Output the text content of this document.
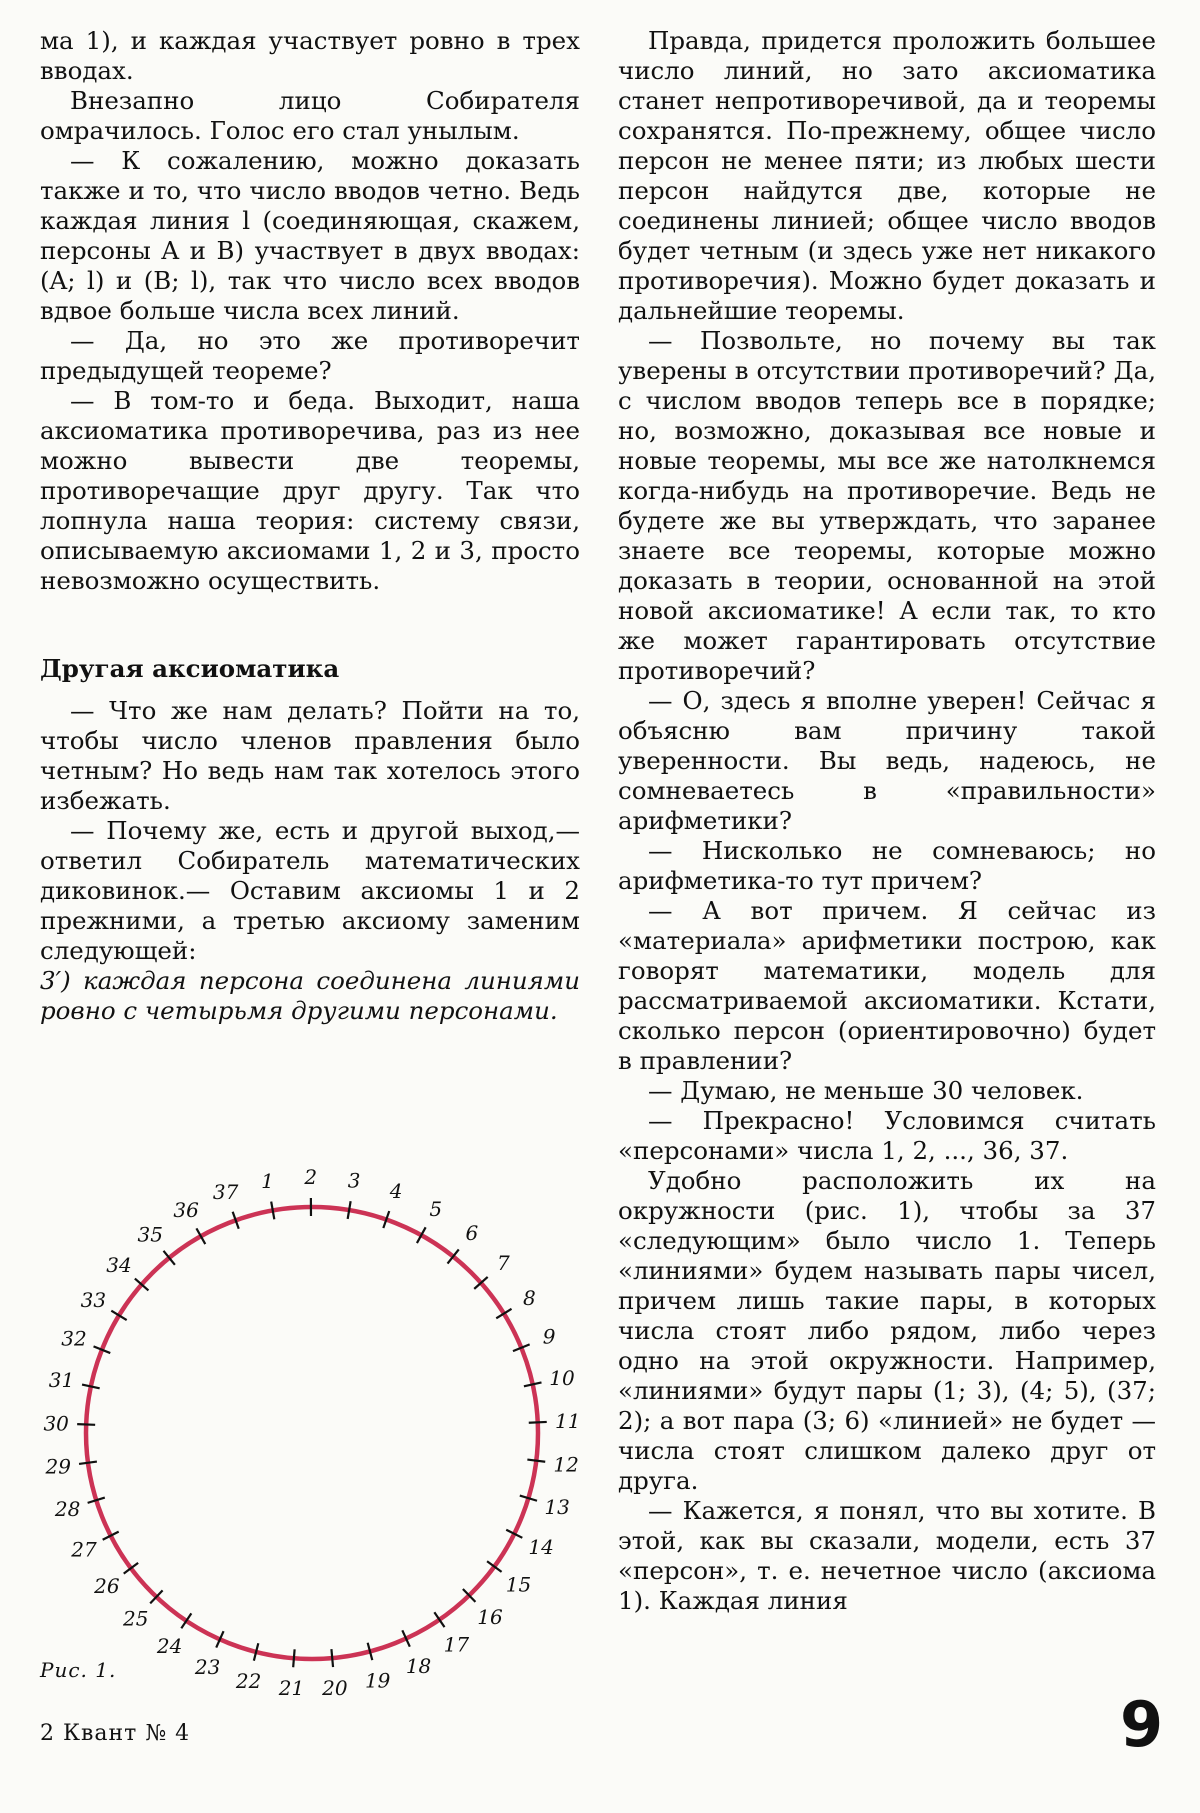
ма 1), и каждая участвует ровно в трех вводах.

Внезапно лицо Собирателя омрачилось. Голос его стал унылым.

— К сожалению, можно доказать также и то, что число вводов четно. Ведь каждая линия l (соединяющая, скажем, персоны A и B) участвует в двух вводах: (A; l) и (B; l), так что число всех вводов вдвое больше числа всех линий.

— Да, но это же противоречит предыдущей теореме?

— В том-то и беда. Выходит, наша аксиоматика противоречива, раз из нее можно вывести две теоремы, противоречащие друг другу. Так что лопнула наша теория: систему связи, описываемую аксиомами 1, 2 и 3, просто невозможно осуществить.

Другая аксиоматика

— Что же нам делать? Пойти на то, чтобы число членов правления было четным? Но ведь нам так хотелось этого избежать.

— Почему же, есть и другой выход,— ответил Собиратель математических диковинок.— Оставим аксиомы 1 и 2 прежними, а третью аксиому заменим следующей:

3′) каждая персона соединена линиями ровно с четырьмя другими персонами.

Правда, придется проложить большее число линий, но зато аксиоматика станет непротиворечивой, да и теоремы сохранятся. По-прежнему, общее число персон не менее пяти; из любых шести персон найдутся две, которые не соединены линией; общее число вводов будет четным (и здесь уже нет никакого противоречия). Можно будет доказать и дальнейшие теоремы.

— Позвольте, но почему вы так уверены в отсутствии противоречий? Да, с числом вводов теперь все в порядке; но, возможно, доказывая все новые и новые теоремы, мы все же натолкнемся когда-нибудь на противоречие. Ведь не будете же вы утверждать, что заранее знаете все теоремы, которые можно доказать в теории, основанной на этой новой аксиоматике! А если так, то кто же может гарантировать отсутствие противоречий?

— О, здесь я вполне уверен! Сейчас я объясню вам причину такой уверенности. Вы ведь, надеюсь, не сомневаетесь в «правильности» арифметики?

— Нисколько не сомневаюсь; но арифметика-то тут причем?

— А вот причем. Я сейчас из «материала» арифметики построю, как говорят математики, модель для рассматриваемой аксиоматики. Кстати, сколько персон (ориентировочно) будет в правлении?

— Думаю, не меньше 30 человек.

— Прекрасно! Условимся считать «персонами» числа 1, 2, ..., 36, 37.

Удобно расположить их на окружности (рис. 1), чтобы за 37 «следующим» было число 1. Теперь «линиями» будем называть пары чисел, причем лишь такие пары, в которых числа стоят либо рядом, либо через одно на этой окружности. Например, «линиями» будут пары (1; 3), (4; 5), (37; 2); а вот пара (3; 6) «линией» не будет — числа стоят слишком далеко друг от друга.

— Кажется, я понял, что вы хотите. В этой, как вы сказали, модели, есть 37 «персон», т. е. нечетное число (аксиома 1). Каждая линия

1 2 3 4
5
6
7
8
9
10
11
12
13
14
15
16
17
18
19
20
21
22
23
24
25
26
27
28
29
30
31
32
33
34
35
36
37
Рис. 1.
2 Квант № 4	9
